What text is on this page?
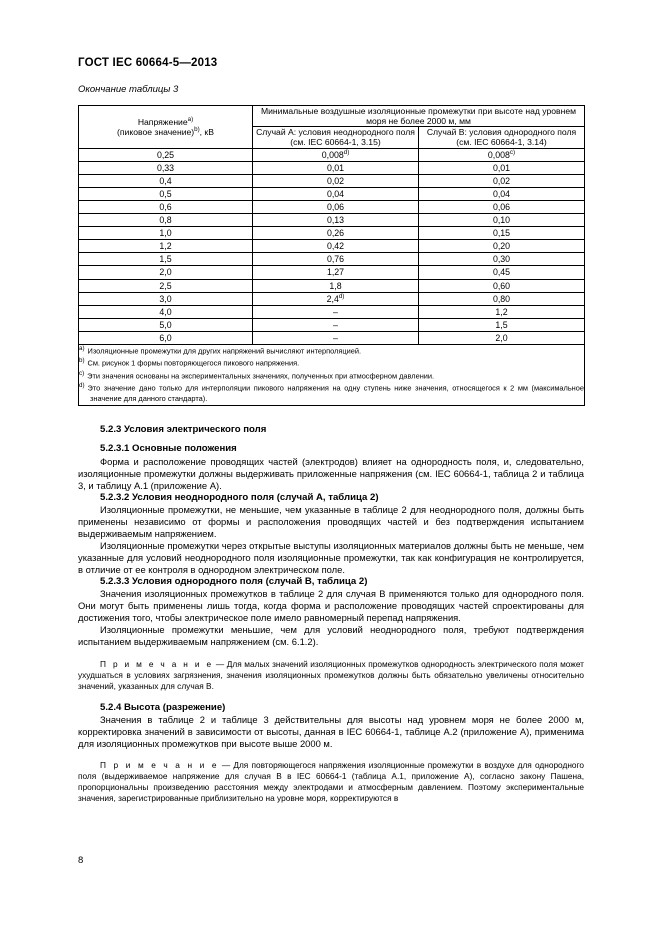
ГОСТ IEC 60664-5—2013
Окончание таблицы 3
Напряжение$^{a)}$
(пиковое значение)$^{b)}$, кВ	Минимальные воздушные изоляционные промежутки при высоте над уровнем моря не более 2000 м, мм	
	Случай А: условия неоднородного поля (см. IEC 60664-1, 3.15)	Случай В: условия однородного поля (см. IEC 60664-1, 3.14)
0,25	0,008$^{d)}$	0,008$^{c)}$
0,33	0,01	0,01
0,4	0,02	0,02
0,5	0,04	0,04
0,6	0,06	0,06
0,8	0,13	0,10
1,0	0,26	0,15
1,2	0,42	0,20
1,5	0,76	0,30
2,0	1,27	0,45
2,5	1,8	0,60
3,0	2,4$^{d)}$	0,80
4,0	–	1,2
5,0	–	1,5
6,0	–	2,0

$^{a)}$ Изоляционные промежутки для других напряжений вычисляют интерполяцией.
$^{b)}$ См. рисунок 1 формы повторяющегося пикового напряжения.
$^{c)}$ Эти значения основаны на экспериментальных значениях, полученных при атмосферном давлении.
$^{d)}$ Это значение дано только для интерполяции пикового напряжения на одну ступень ниже значения, относящегося к 2 мм (максимальное значение для данного стандарта).		
5.2.3 Условия электрического поля
5.2.3.1 Основные положения

Форма и расположение проводящих частей (электродов) влияет на однородность поля, и, следовательно, изоляционные промежутки должны выдерживать приложенные напряжения (см. IEC 60664-1, таблица 2 и таблица 3, и таблицу А.1 (приложение А).

5.2.3.2 Условия неоднородного поля (случай А, таблица 2)

Изоляционные промежутки, не меньшие, чем указанные в таблице 2 для неоднородного поля, должны быть применены независимо от формы и расположения проводящих частей и без подтверждения испытанием выдерживаемым напряжением.

Изоляционные промежутки через открытые выступы изоляционных материалов должны быть не меньше, чем указанные для условий неоднородного поля изоляционные промежутки, так как конфигурация не контролируется, в отличие от ее контроля в однородном электрическом поле.

5.2.3.3 Условия однородного поля (случай В, таблица 2)

Значения изоляционных промежутков в таблице 2 для случая В применяются только для однородного поля. Они могут быть применены лишь тогда, когда форма и расположение проводящих частей спроектированы для достижения того, чтобы электрическое поле имело равномерный перепад напряжения.

Изоляционные промежутки меньшие, чем для условий неоднородного поля, требуют подтверждения испытанием выдерживаемым напряжением (см. 6.1.2).

П р и м е ч а н и е — Для малых значений изоляционных промежутков однородность электрического поля может ухудшаться в условиях загрязнения, значения изоляционных промежутков должны быть обязательно увеличены относительно значений, указанных для случая В.

5.2.4 Высота (разрежение)

Значения в таблице 2 и таблице 3 действительны для высоты над уровнем моря не более 2000 м, корректировка значений в зависимости от высоты, данная в IEC 60664-1, таблице А.2 (приложение А), применима для изоляционных промежутков при высоте выше 2000 м.

П р и м е ч а н и е — Для повторяющегося напряжения изоляционные промежутки в воздухе для однородного поля (выдерживаемое напряжение для случая В в IEC 60664-1 (таблица А.1, приложение А), согласно закону Пашена, пропорциональны произведению расстояния между электродами и атмосферным давлением. Поэтому экспериментальные значения, зарегистрированные приблизительно на уровне моря, корректируются в

8
